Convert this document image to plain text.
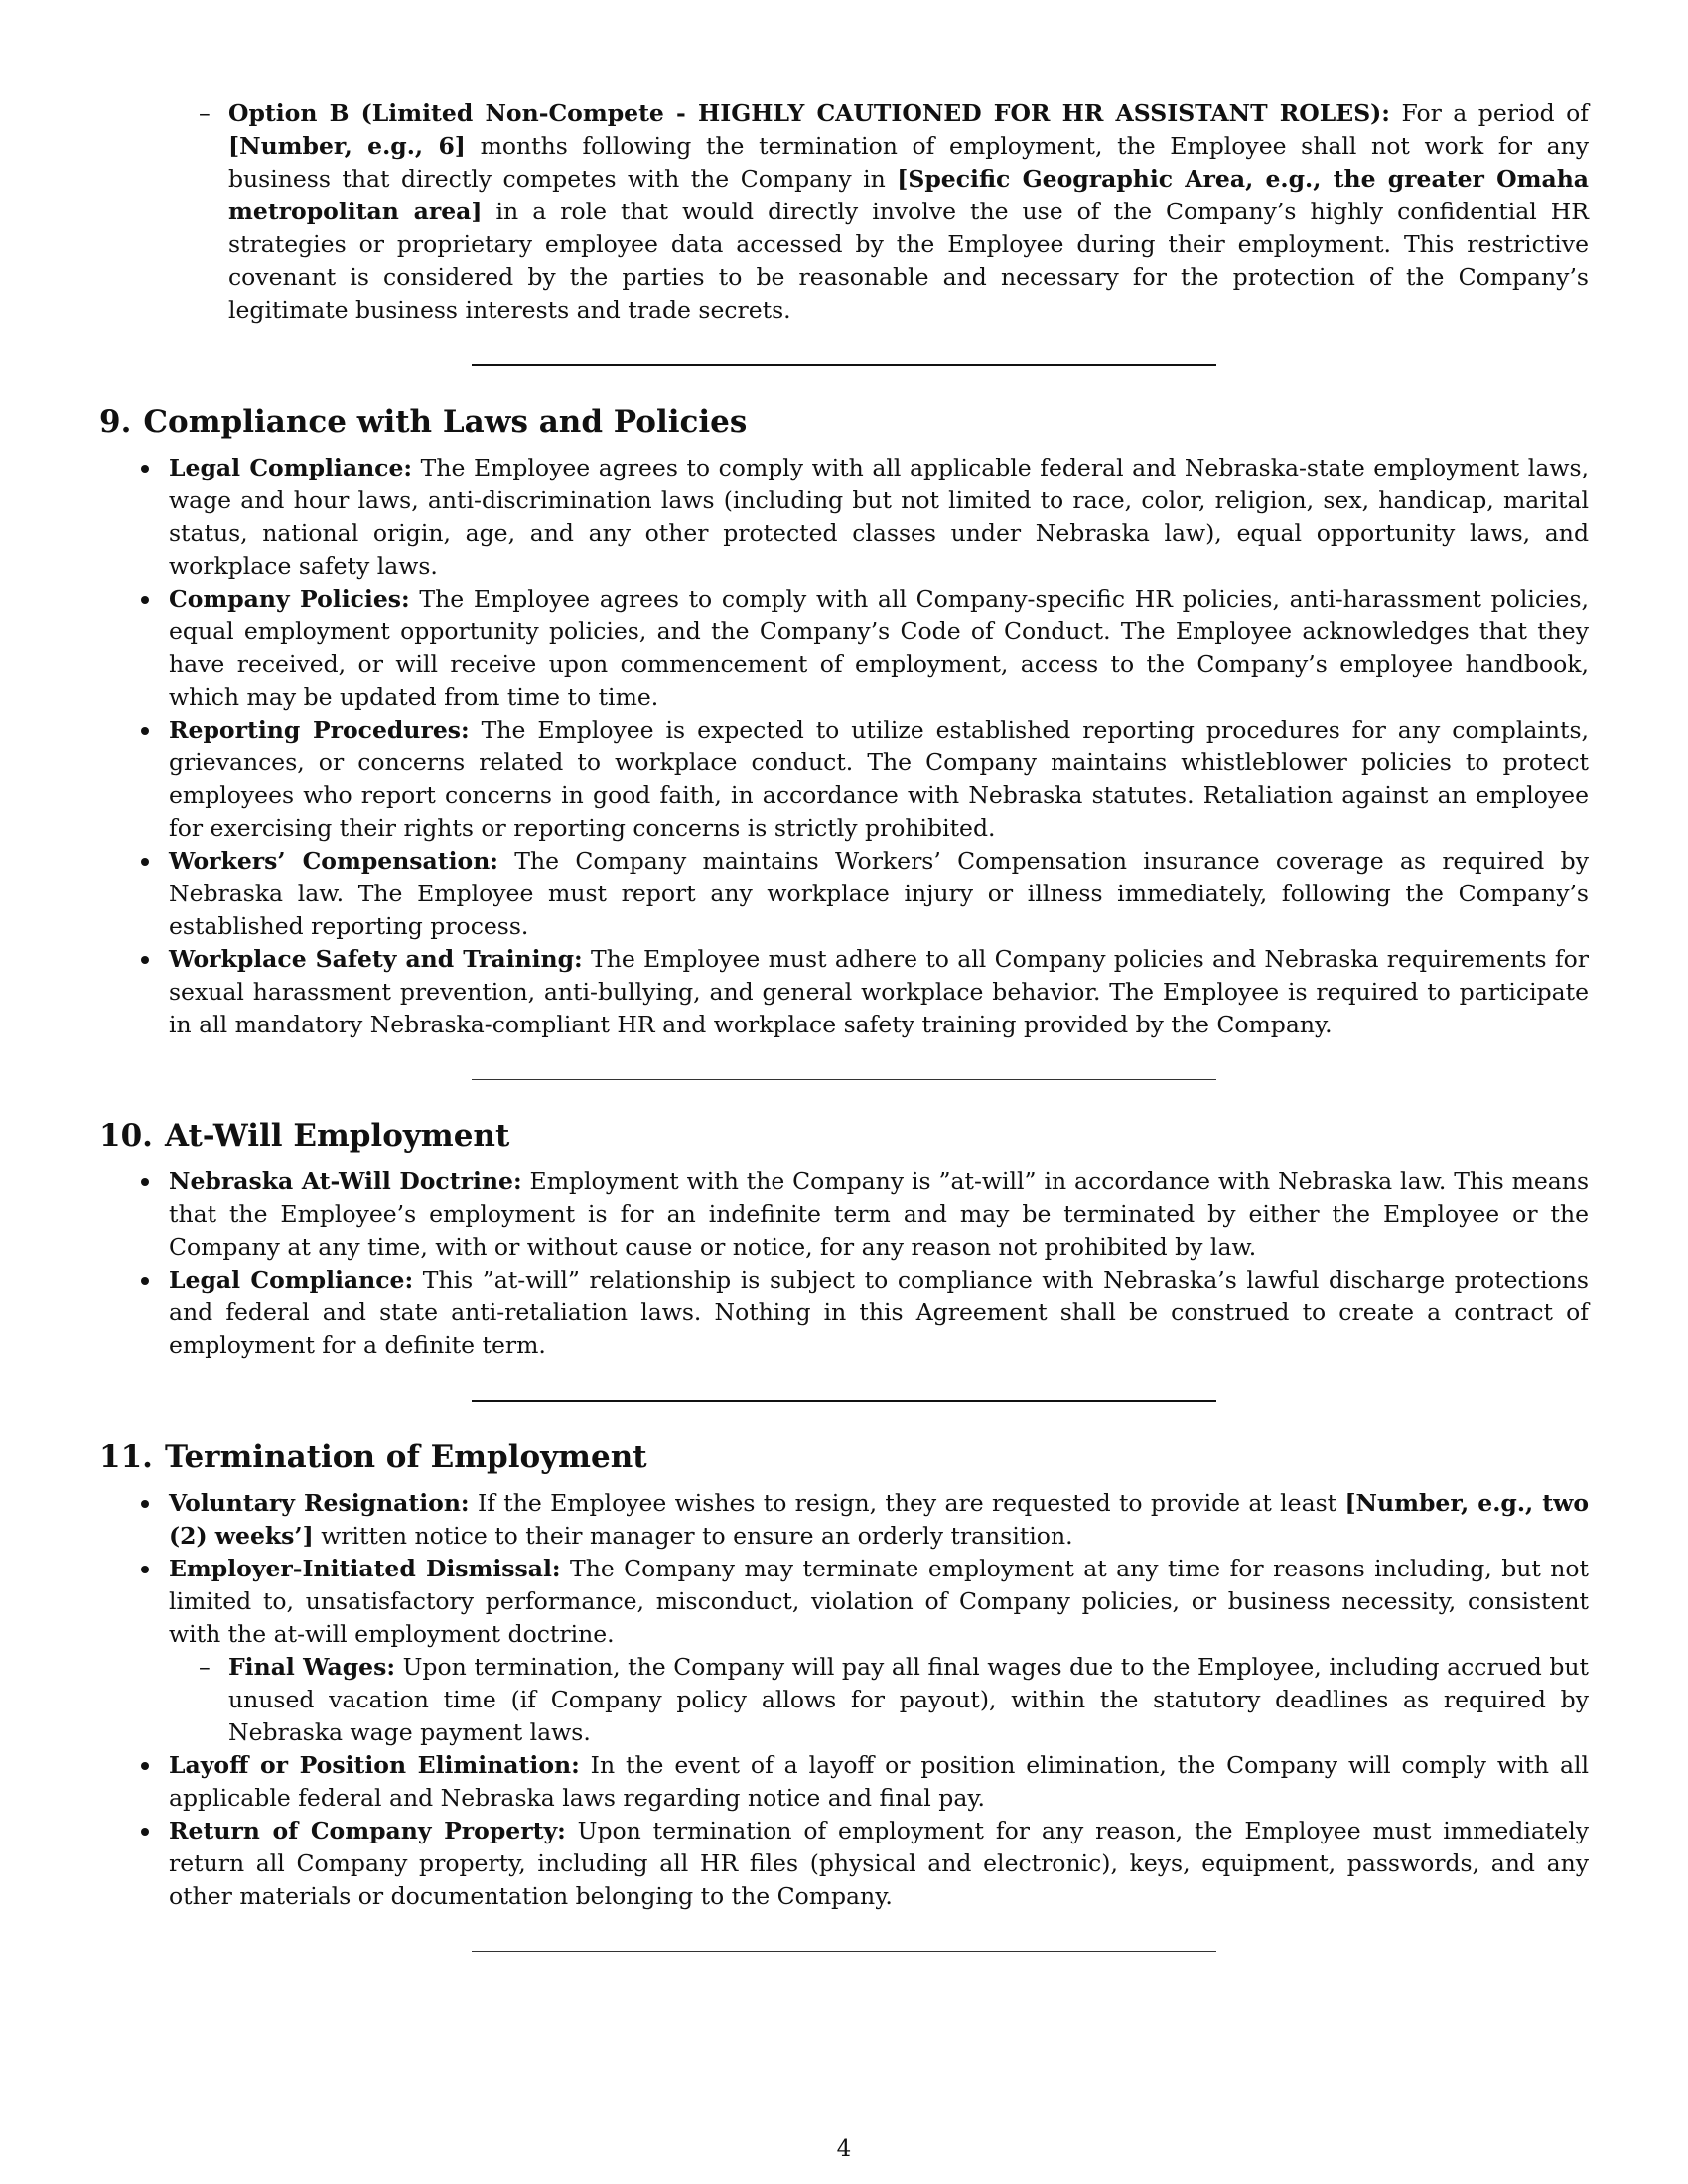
– Option B (Limited Non-Compete - HIGHLY CAUTIONED FOR HR ASSISTANT ROLES): For a period of [Number, e.g., 6] months following the termination of employment, the Employee shall not work for any business that directly competes with the Company in [Specific Geographic Area, e.g., the greater Omaha metropolitan area] in a role that would directly involve the use of the Company’s highly confidential HR strategies or proprietary employee data accessed by the Employee during their employment. This restrictive covenant is considered by the parties to be reasonable and necessary for the protection of the Company’s legitimate business interests and trade secrets.
9. Compliance with Laws and Policies
Legal Compliance: The Employee agrees to comply with all applicable federal and Nebraska-state employment laws, wage and hour laws, anti-discrimination laws (including but not limited to race, color, religion, sex, handicap, marital status, national origin, age, and any other protected classes under Nebraska law), equal opportunity laws, and workplace safety laws.
Company Policies: The Employee agrees to comply with all Company-specific HR policies, anti-harassment policies, equal employment opportunity policies, and the Company’s Code of Conduct. The Employee acknowledges that they have received, or will receive upon commencement of employment, access to the Company’s employee handbook, which may be updated from time to time.
Reporting Procedures: The Employee is expected to utilize established reporting procedures for any complaints, grievances, or concerns related to workplace conduct. The Company maintains whistleblower policies to protect employees who report concerns in good faith, in accordance with Nebraska statutes. Retaliation against an employee for exercising their rights or reporting concerns is strictly prohibited.
Workers’ Compensation: The Company maintains Workers’ Compensation insurance coverage as required by Nebraska law. The Employee must report any workplace injury or illness immediately, following the Company’s established reporting process.
Workplace Safety and Training: The Employee must adhere to all Company policies and Nebraska requirements for sexual harassment prevention, anti-bullying, and general workplace behavior. The Employee is required to participate in all mandatory Nebraska-compliant HR and workplace safety training provided by the Company.
10. At-Will Employment
Nebraska At-Will Doctrine: Employment with the Company is ”at-will” in accordance with Nebraska law. This means that the Employee’s employment is for an indefinite term and may be terminated by either the Employee or the Company at any time, with or without cause or notice, for any reason not prohibited by law.
Legal Compliance: This ”at-will” relationship is subject to compliance with Nebraska’s lawful discharge protections and federal and state anti-retaliation laws. Nothing in this Agreement shall be construed to create a contract of employment for a definite term.
11. Termination of Employment
Voluntary Resignation: If the Employee wishes to resign, they are requested to provide at least [Number, e.g., two (2) weeks’] written notice to their manager to ensure an orderly transition.
Employer-Initiated Dismissal: The Company may terminate employment at any time for reasons including, but not limited to, unsatisfactory performance, misconduct, violation of Company policies, or business necessity, consistent with the at-will employment doctrine.
– Final Wages: Upon termination, the Company will pay all final wages due to the Employee, including accrued but unused vacation time (if Company policy allows for payout), within the statutory deadlines as required by Nebraska wage payment laws.
Layoff or Position Elimination: In the event of a layoff or position elimination, the Company will comply with all applicable federal and Nebraska laws regarding notice and final pay.
Return of Company Property: Upon termination of employment for any reason, the Employee must immediately return all Company property, including all HR files (physical and electronic), keys, equipment, passwords, and any other materials or documentation belonging to the Company.
4
